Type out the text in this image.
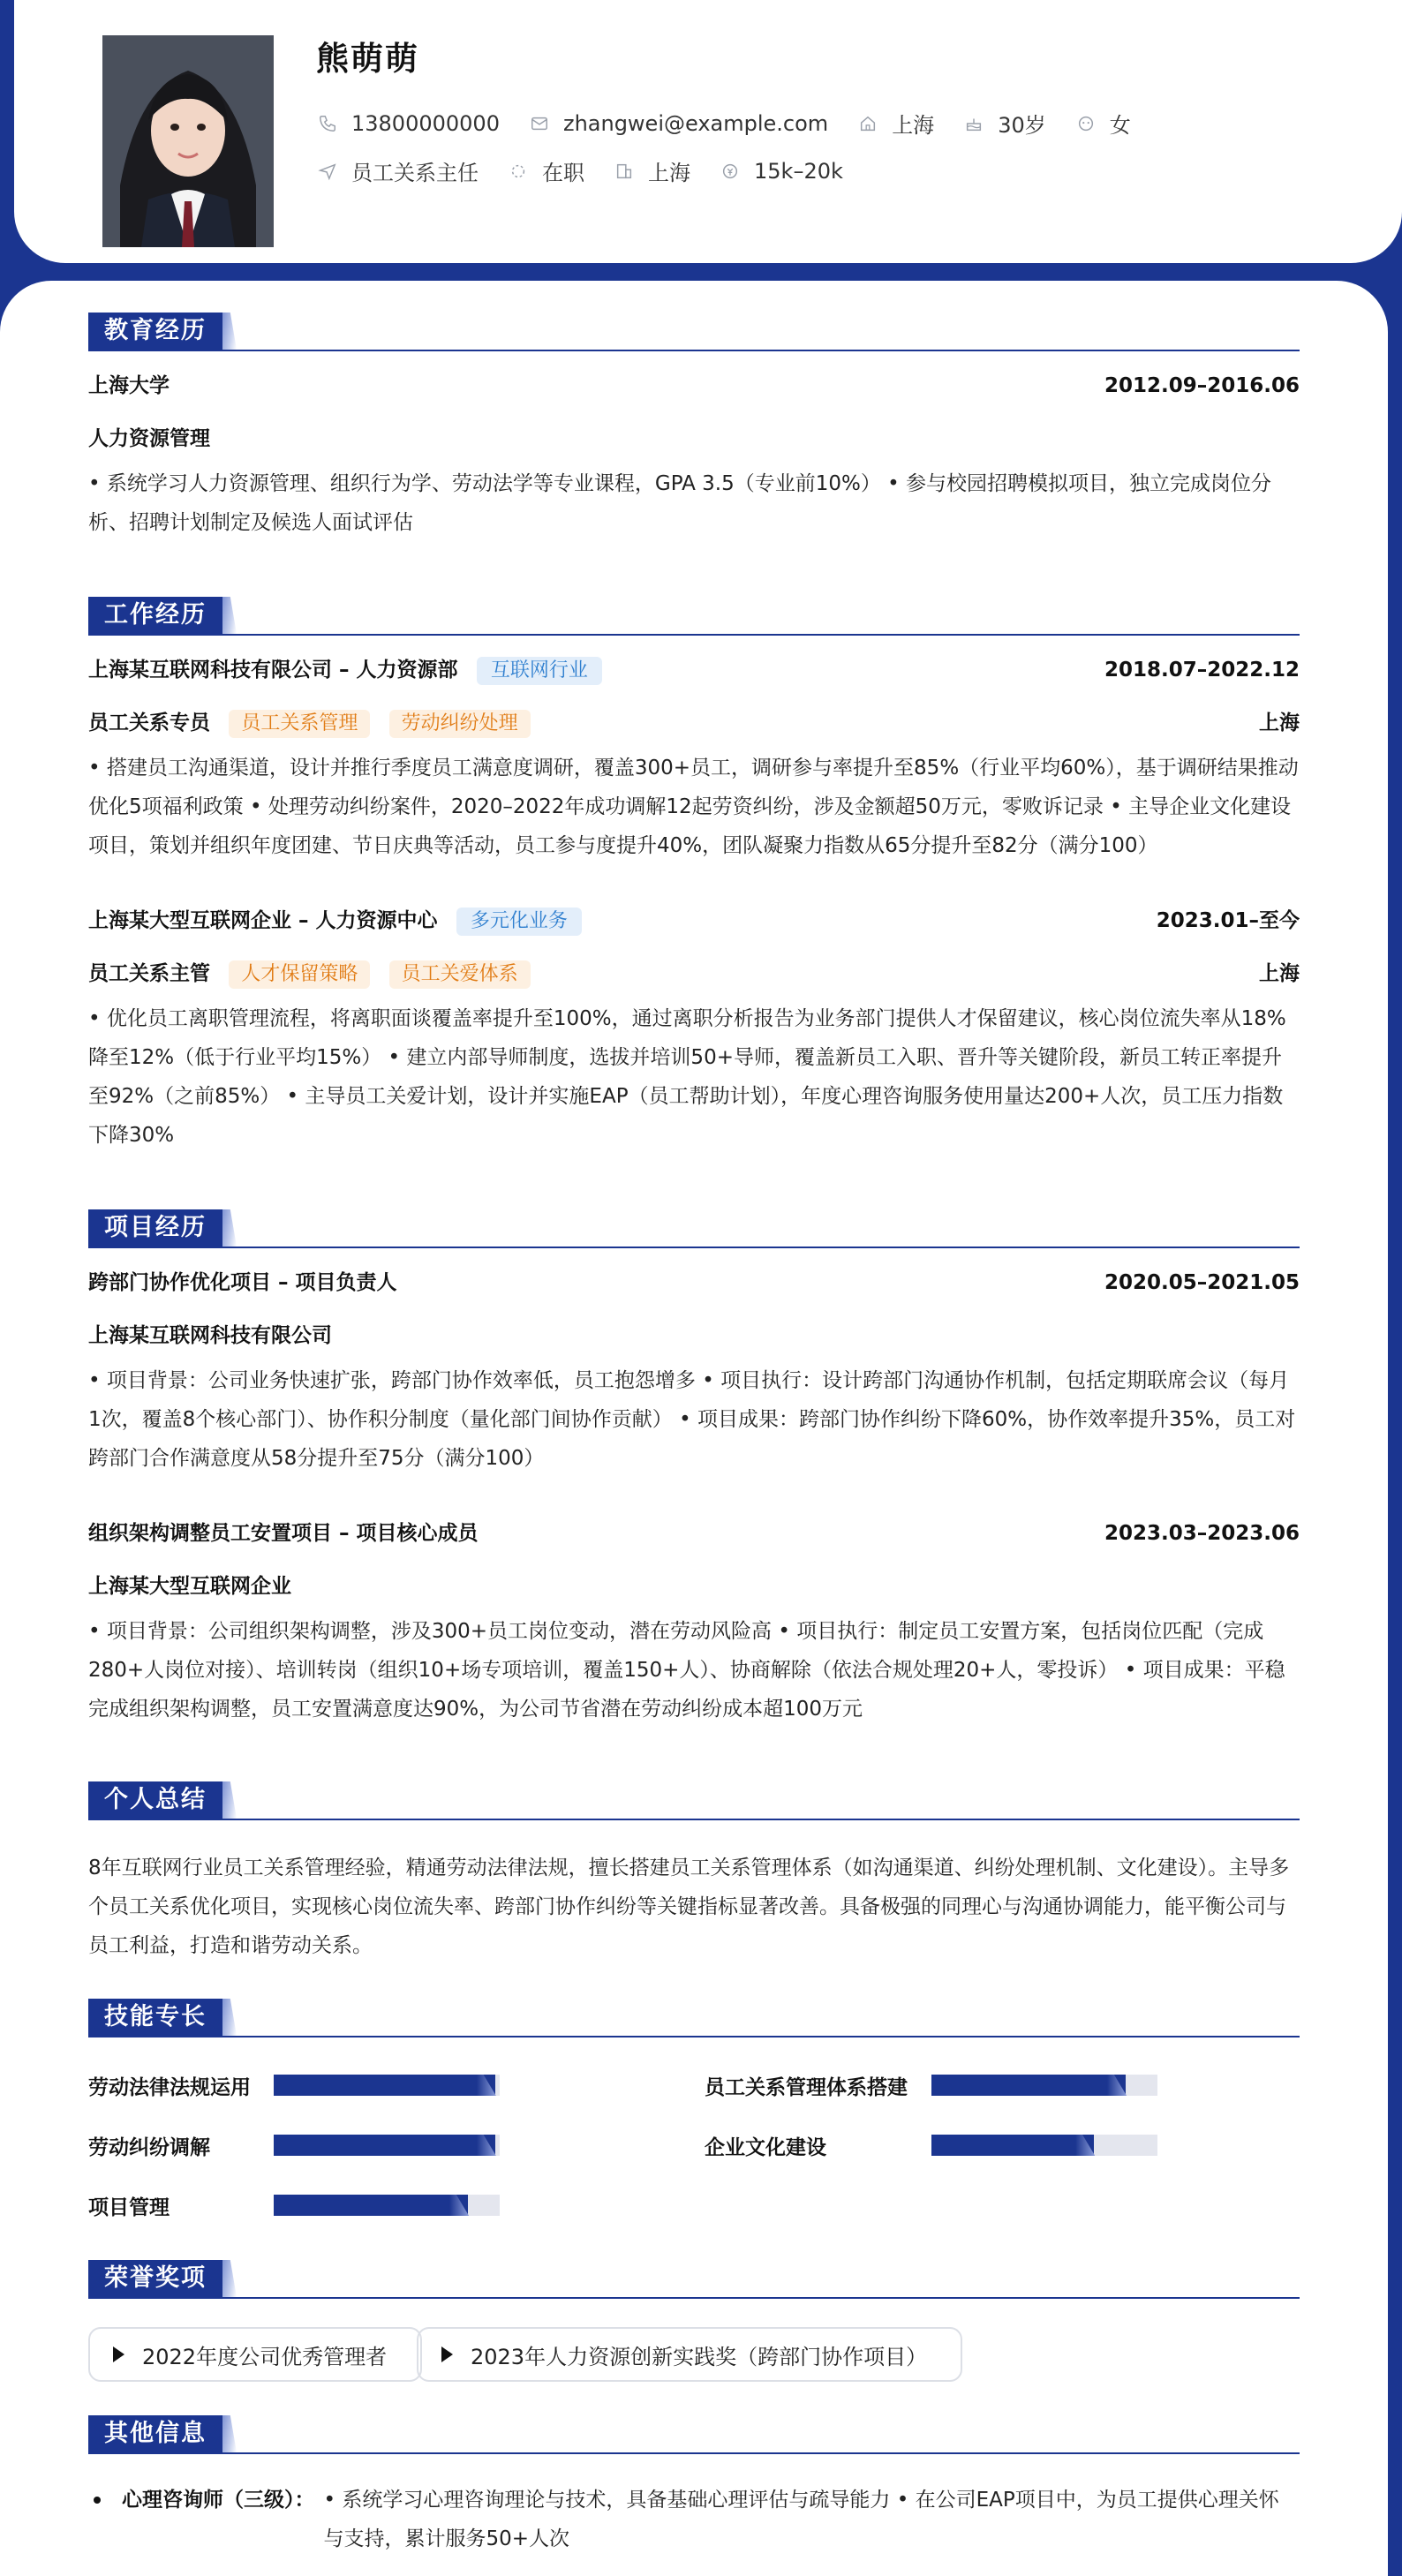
熊萌萌
13800000000	zhangwei@example.com	上海	30岁	女
员工关系主任	在职	上海	15k–20k
教育经历
上海大学	2012.09–2016.06
人力资源管理
• 系统学习人力资源管理、组织行为学、劳动法学等专业课程，GPA 3.5（专业前10%） • 参与校园招聘模拟项目，独立完成岗位分析、招聘计划制定及候选人面试评估
工作经历
上海某互联网科技有限公司 – 人力资源部 互联网行业	2018.07–2022.12
员工关系专员 员工关系管理 劳动纠纷处理	上海
• 搭建员工沟通渠道，设计并推行季度员工满意度调研，覆盖300+员工，调研参与率提升至85%（行业平均60%），基于调研结果推动优化5项福利政策 • 处理劳动纠纷案件，2020–2022年成功调解12起劳资纠纷，涉及金额超50万元，零败诉记录 • 主导企业文化建设项目，策划并组织年度团建、节日庆典等活动，员工参与度提升40%，团队凝聚力指数从65分提升至82分（满分100）
上海某大型互联网企业 – 人力资源中心 多元化业务	2023.01–至今
员工关系主管 人才保留策略 员工关爱体系	上海
• 优化员工离职管理流程，将离职面谈覆盖率提升至100%，通过离职分析报告为业务部门提供人才保留建议，核心岗位流失率从18%降至12%（低于行业平均15%） • 建立内部导师制度，选拔并培训50+导师，覆盖新员工入职、晋升等关键阶段，新员工转正率提升至92%（之前85%） • 主导员工关爱计划，设计并实施EAP（员工帮助计划），年度心理咨询服务使用量达200+人次，员工压力指数下降30%
项目经历
跨部门协作优化项目 – 项目负责人	2020.05–2021.05
上海某互联网科技有限公司
• 项目背景：公司业务快速扩张，跨部门协作效率低，员工抱怨增多 • 项目执行：设计跨部门沟通协作机制，包括定期联席会议（每月1次，覆盖8个核心部门）、协作积分制度（量化部门间协作贡献） • 项目成果：跨部门协作纠纷下降60%，协作效率提升35%，员工对跨部门合作满意度从58分提升至75分（满分100）
组织架构调整员工安置项目 – 项目核心成员	2023.03–2023.06
上海某大型互联网企业
• 项目背景：公司组织架构调整，涉及300+员工岗位变动，潜在劳动风险高 • 项目执行：制定员工安置方案，包括岗位匹配（完成280+人岗位对接）、培训转岗（组织10+场专项培训，覆盖150+人）、协商解除（依法合规处理20+人，零投诉） • 项目成果：平稳完成组织架构调整，员工安置满意度达90%，为公司节省潜在劳动纠纷成本超100万元
个人总结
8年互联网行业员工关系管理经验，精通劳动法律法规，擅长搭建员工关系管理体系（如沟通渠道、纠纷处理机制、文化建设）。主导多个员工关系优化项目，实现核心岗位流失率、跨部门协作纠纷等关键指标显著改善。具备极强的同理心与沟通协调能力，能平衡公司与员工利益，打造和谐劳动关系。
技能专长
劳动法律法规运用	员工关系管理体系搭建
劳动纠纷调解	企业文化建设
项目管理
荣誉奖项
2022年度公司优秀管理者	2023年人力资源创新实践奖（跨部门协作项目）
其他信息
心理咨询师（三级）： • 系统学习心理咨询理论与技术，具备基础心理评估与疏导能力 • 在公司EAP项目中，为员工提供心理关怀与支持，累计服务50+人次
